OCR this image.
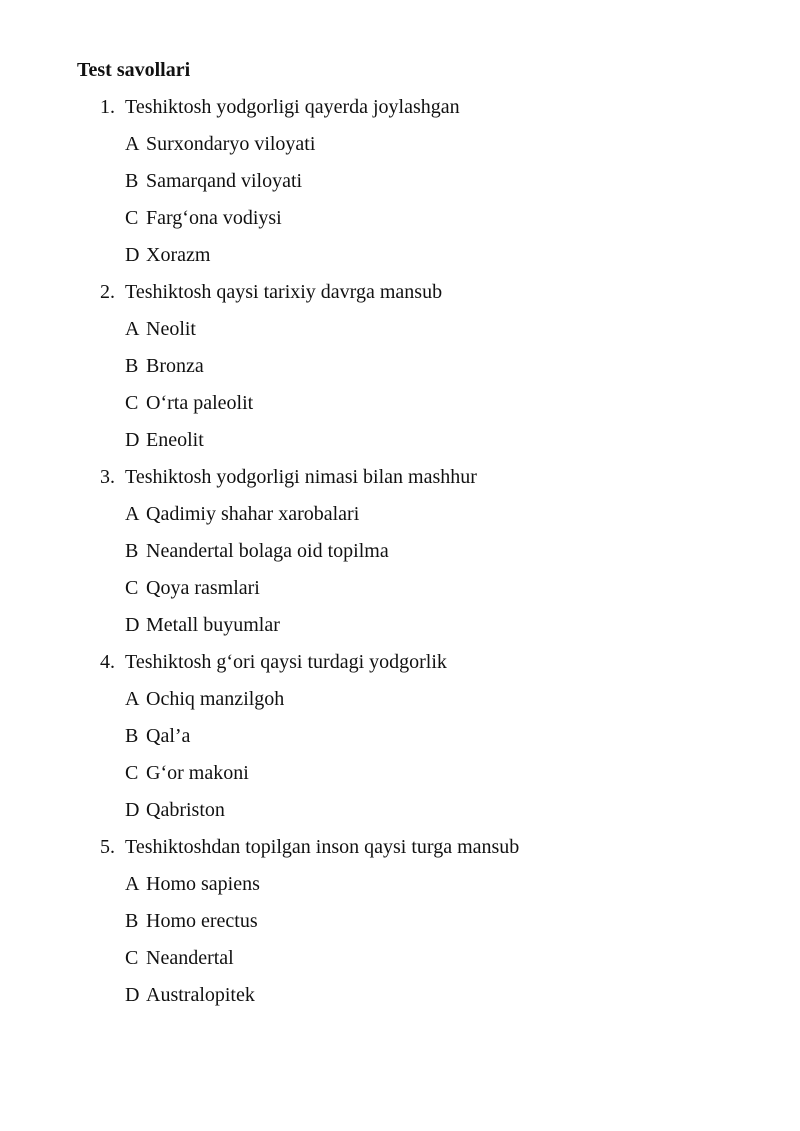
Test savollari
1. Teshiktosh yodgorligi qayerda joylashgan
A Surxondaryo viloyati
B Samarqand viloyati
C Farg‘ona vodiysi
D Xorazm
2. Teshiktosh qaysi tarixiy davrga mansub
A Neolit
B Bronza
C O‘rta paleolit
D Eneolit
3. Teshiktosh yodgorligi nimasi bilan mashhur
A Qadimiy shahar xarobalari
B Neandertal bolaga oid topilma
C Qoya rasmlari
D Metall buyumlar
4. Teshiktosh g‘ori qaysi turdagi yodgorlik
A Ochiq manzilgoh
B Qal’a
C G‘or makoni
D Qabriston
5. Teshiktoshdan topilgan inson qaysi turga mansub
A Homo sapiens
B Homo erectus
C Neandertal
D Australopitek
